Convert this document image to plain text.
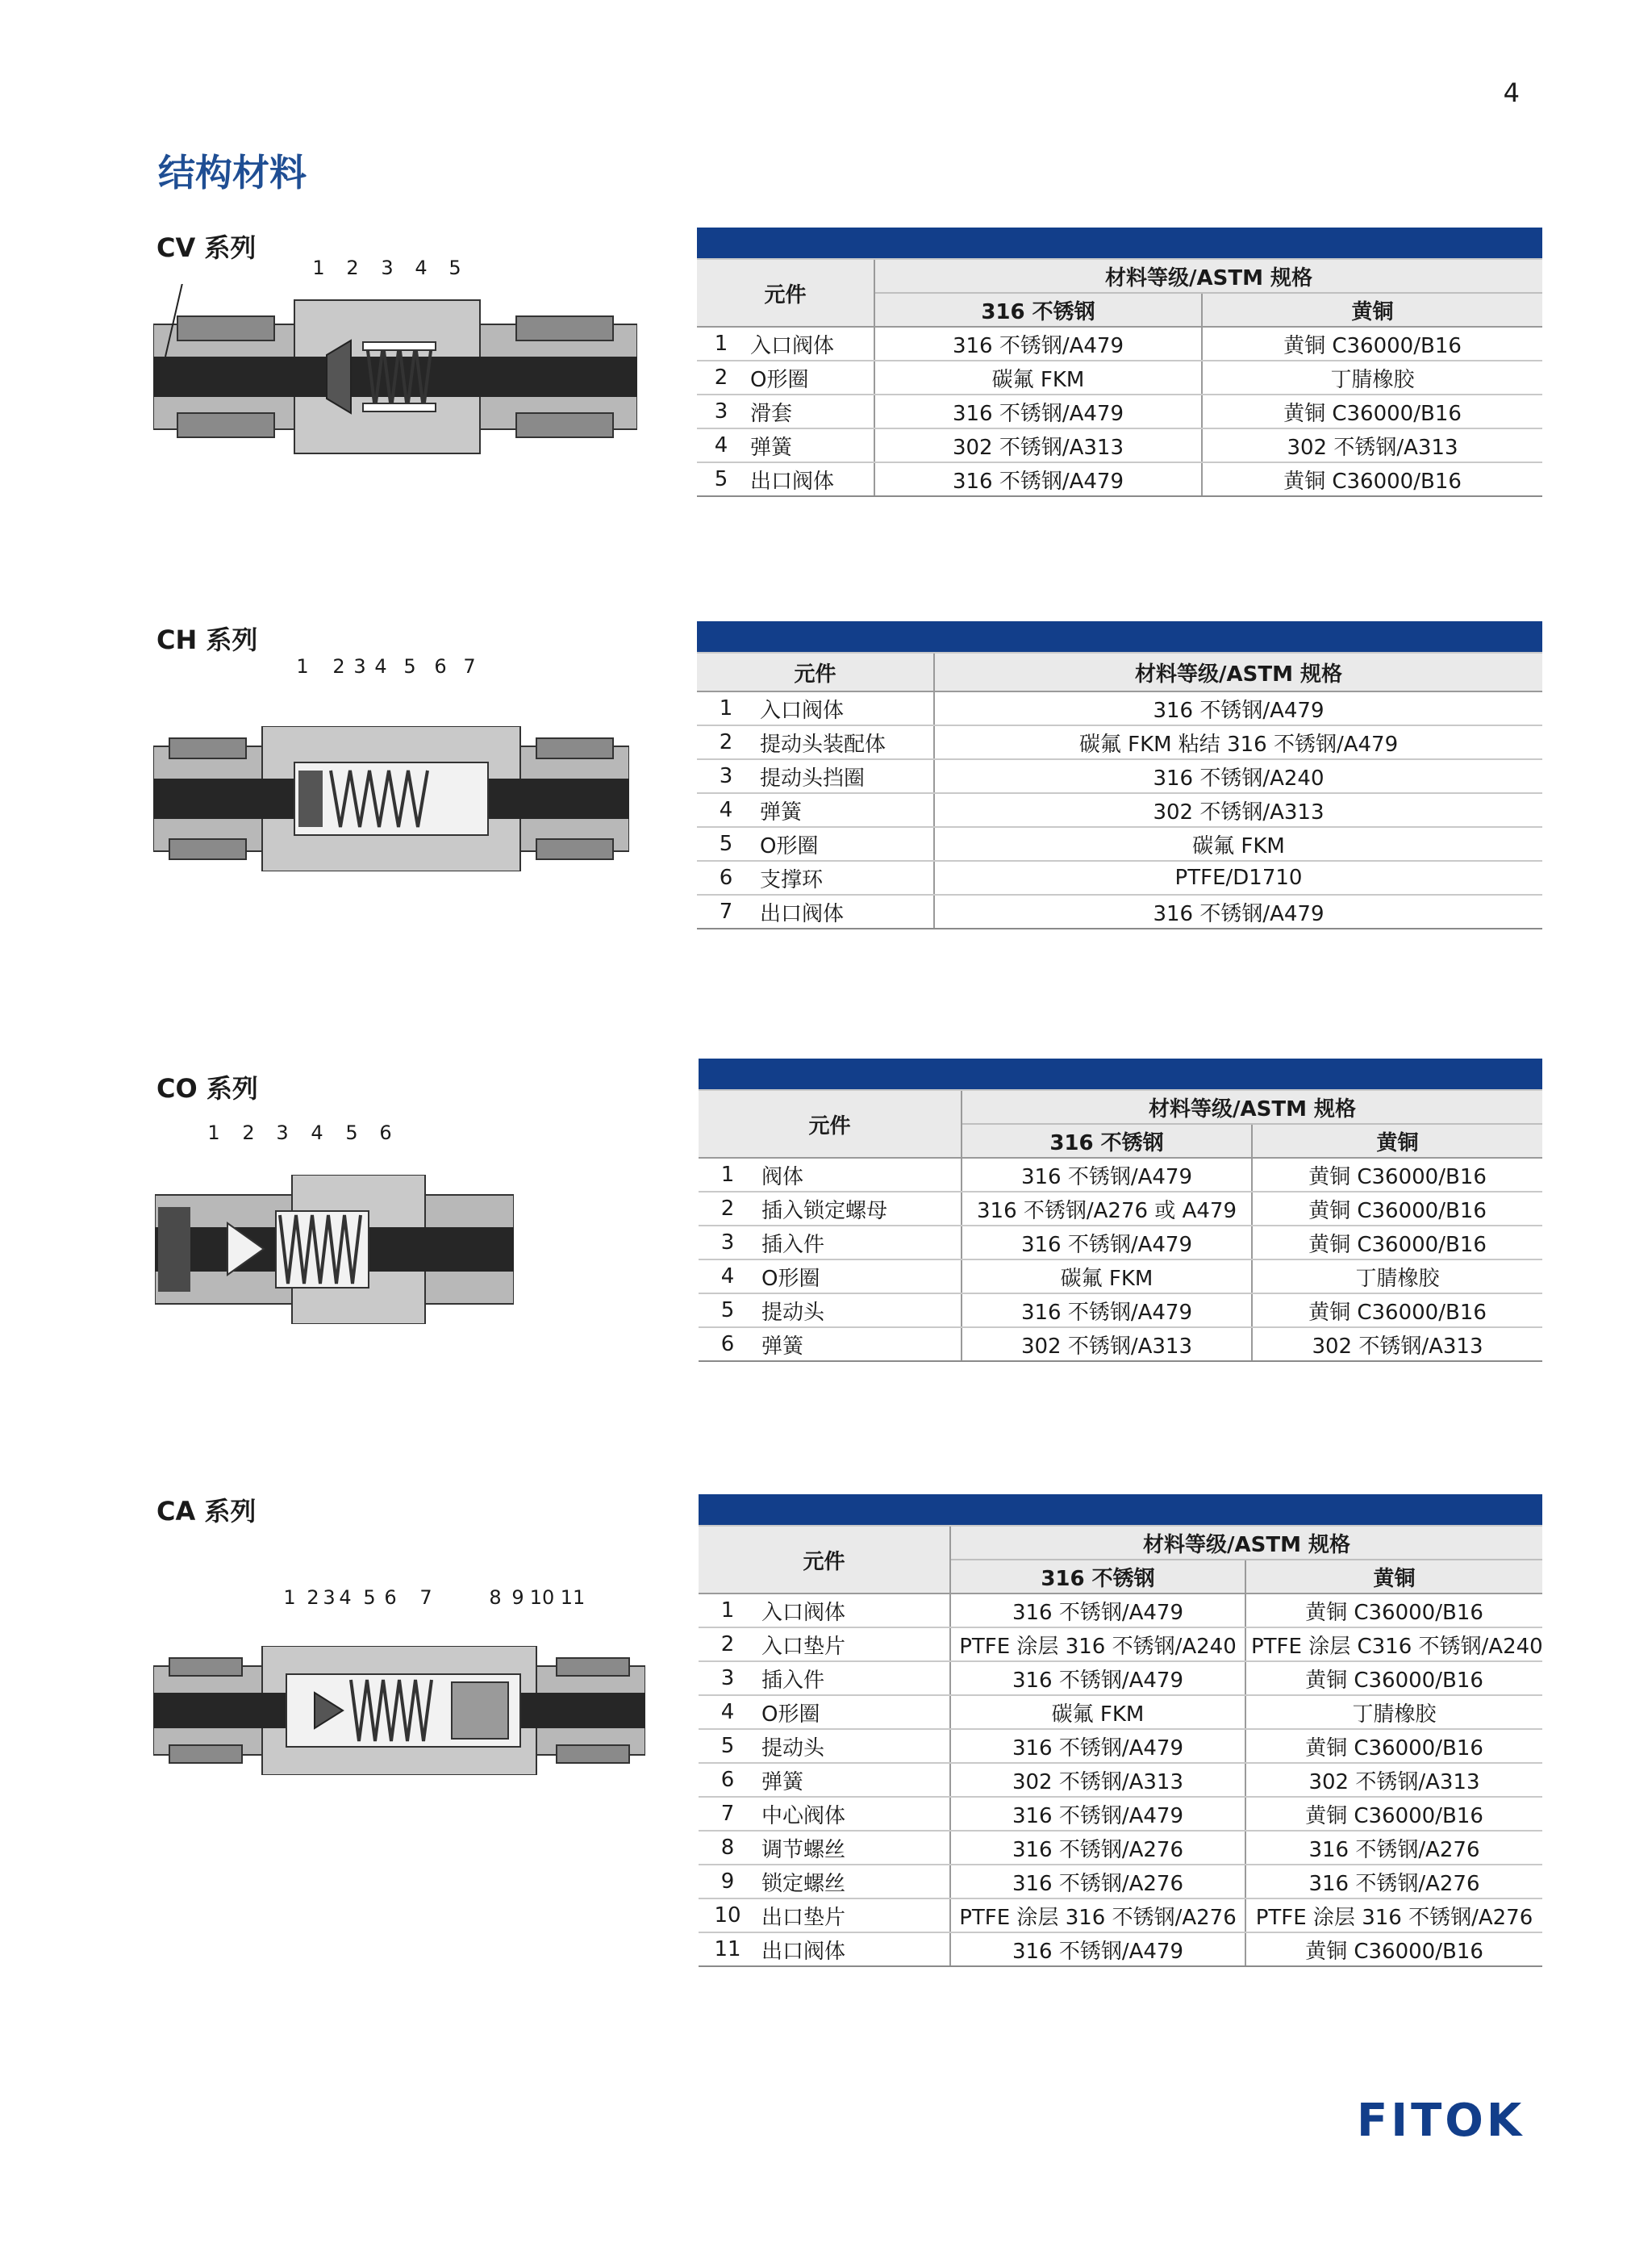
4
结构材料
CV 系列
1 2 3 4 5

元件		材料等级/ASTM 规格	
		316 不锈钢	黄铜
1	入口阀体	316 不锈钢/A479	黄铜 C36000/B16
2	O形圈	碳氟 FKM	丁腈橡胶
3	滑套	316 不锈钢/A479	黄铜 C36000/B16
4	弹簧	302 不锈钢/A313	302 不锈钢/A313
5	出口阀体	316 不锈钢/A479	黄铜 C36000/B16
CH 系列
1 2 3 4 5 6 7	元件		材料等级/ASTM 规格
1	入口阀体	316 不锈钢/A479
2	提动头装配体	碳氟 FKM 粘结 316 不锈钢/A479
3	提动头挡圈	316 不锈钢/A240
4	弹簧	302 不锈钢/A313
5	O形圈	碳氟 FKM
6	支撑环	PTFE/D1710
7	出口阀体	316 不锈钢/A479
CO 系列
1 2 3 4 5 6	元件		材料等级/ASTM 规格	
		316 不锈钢	黄铜
1	阀体	316 不锈钢/A479	黄铜 C36000/B16
2	插入锁定螺母	316 不锈钢/A276 或 A479	黄铜 C36000/B16
3	插入件	316 不锈钢/A479	黄铜 C36000/B16
4	O形圈	碳氟 FKM	丁腈橡胶
5	提动头	316 不锈钢/A479	黄铜 C36000/B16
6	弹簧	302 不锈钢/A313	302 不锈钢/A313
CA 系列
1 2 3 4 5 6 7	8 9 10 11

元件		材料等级/ASTM 规格	
		316 不锈钢	黄铜
1	入口阀体	316 不锈钢/A479	黄铜 C36000/B16
2	入口垫片	PTFE 涂层 316 不锈钢/A240	PTFE 涂层 C316 不锈钢/A240
3	插入件	316 不锈钢/A479	黄铜 C36000/B16
4	O形圈	碳氟 FKM	丁腈橡胶
5	提动头	316 不锈钢/A479	黄铜 C36000/B16
6	弹簧	302 不锈钢/A313	302 不锈钢/A313
7	中心阀体	316 不锈钢/A479	黄铜 C36000/B16
8	调节螺丝	316 不锈钢/A276	316 不锈钢/A276
9	锁定螺丝	316 不锈钢/A276	316 不锈钢/A276
10	出口垫片	PTFE 涂层 316 不锈钢/A276	PTFE 涂层 316 不锈钢/A276
11	出口阀体	316 不锈钢/A479	黄铜 C36000/B16
FITOK
